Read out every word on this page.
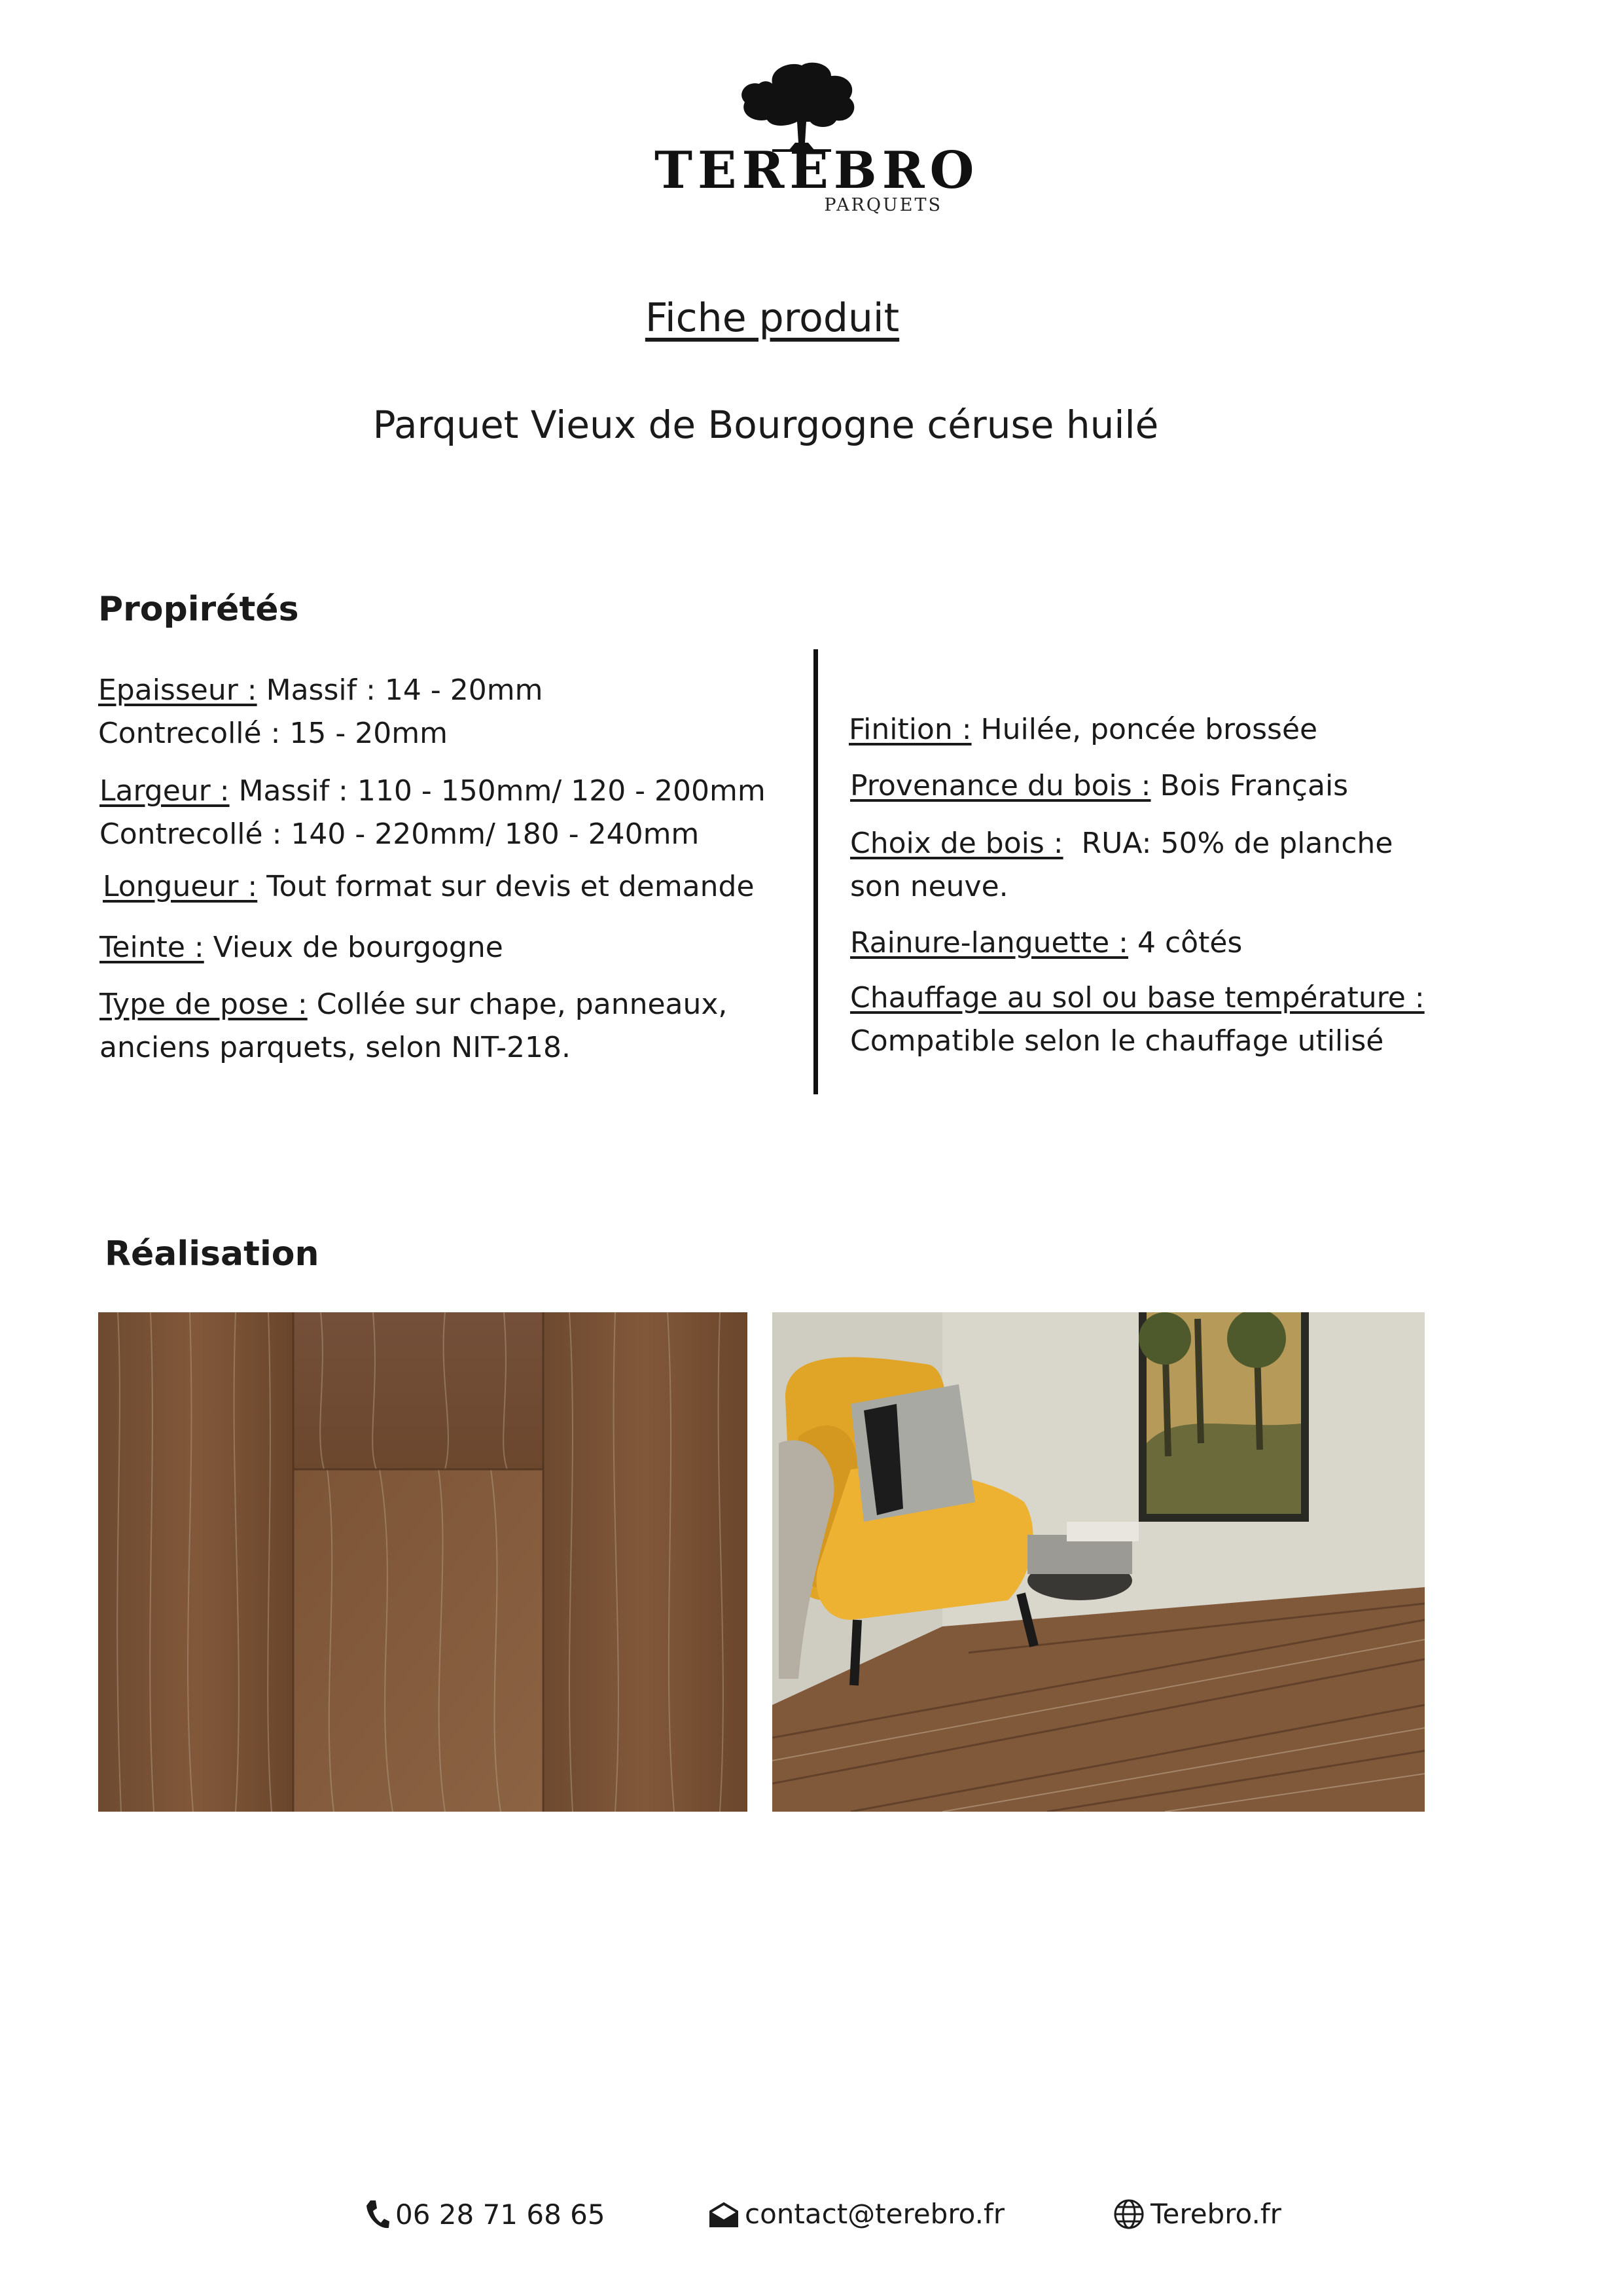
TEREBRO
PARQUETS
Fiche produit
Parquet Vieux de Bourgogne céruse huilé
Propirétés
Epaisseur : Massif : 14 - 20mm
Contrecollé : 15 - 20mm
Largeur : Massif : 110 - 150mm/ 120 - 200mm
Contrecollé : 140 - 220mm/ 180 - 240mm
Longueur : Tout format sur devis et demande
Teinte : Vieux de bourgogne
Type de pose : Collée sur chape, panneaux,
anciens parquets, selon NIT-218.
Finition : Huilée, poncée brossée
Provenance du bois : Bois Français
Choix de bois :  RUA: 50% de planche
son neuve.
Rainure-languette : 4 côtés
Chauffage au sol ou base température :
Compatible selon le chauffage utilisé
Réalisation
06 28 71 68 65	contact@terebro.fr	Terebro.fr
